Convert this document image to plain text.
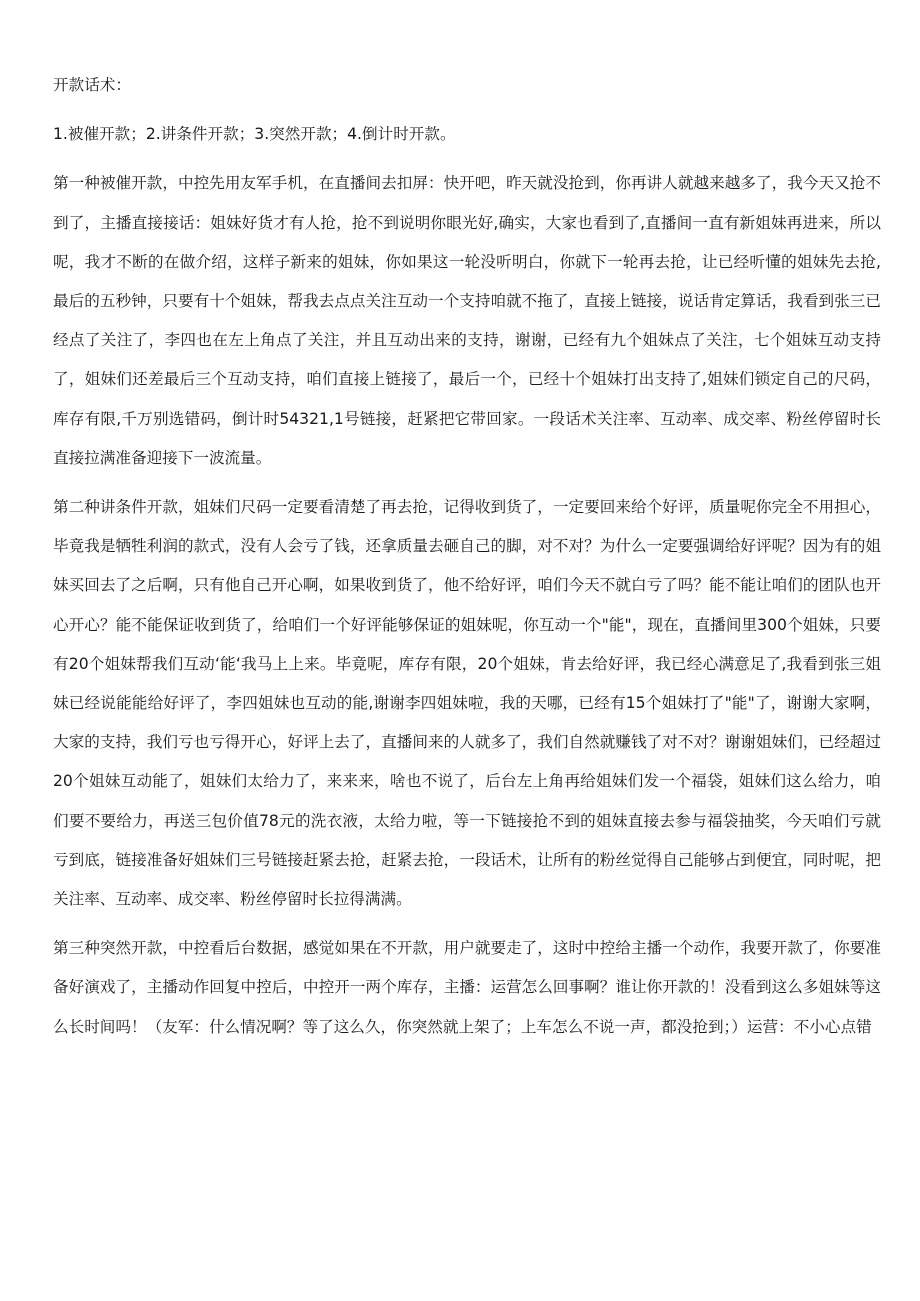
开款话术：

1.被催开款；2.讲条件开款；3.突然开款；4.倒计时开款。

第一种被催开款，中控先用友军手机，在直播间去扣屏：快开吧，昨天就没抢到，你再讲人就越来越多了，我今天又抢不到了，主播直接接话：姐妹好货才有人抢，抢不到说明你眼光好,确实，大家也看到了,直播间一直有新姐妹再进来，所以呢，我才不断的在做介绍，这样子新来的姐妹，你如果这一轮没听明白，你就下一轮再去抢，让已经听懂的姐妹先去抢,最后的五秒钟，只要有十个姐妹，帮我去点点关注互动一个支持咱就不拖了，直接上链接，说话肯定算话，我看到张三已经点了关注了，李四也在左上角点了关注，并且互动出来的支持，谢谢，已经有九个姐妹点了关注，七个姐妹互动支持了，姐妹们还差最后三个互动支持，咱们直接上链接了，最后一个，已经十个姐妹打出支持了,姐妹们锁定自己的尺码，库存有限,千万别选错码，倒计时54321,1号链接，赶紧把它带回家。一段话术关注率、互动率、成交率、粉丝停留时长直接拉满准备迎接下一波流量。

第二种讲条件开款，姐妹们尺码一定要看清楚了再去抢，记得收到货了，一定要回来给个好评，质量呢你完全不用担心，毕竟我是牺牲利润的款式，没有人会亏了钱，还拿质量去砸自己的脚，对不对？为什么一定要强调给好评呢？因为有的姐妹买回去了之后啊，只有他自己开心啊，如果收到货了，他不给好评，咱们今天不就白亏了吗？能不能让咱们的团队也开心开心？能不能保证收到货了，给咱们一个好评能够保证的姐妹呢，你互动一个"能"，现在，直播间里300个姐妹，只要有20个姐妹帮我们互动‘能‘我马上上来。毕竟呢，库存有限，20个姐妹，肯去给好评，我已经心满意足了,我看到张三姐妹已经说能能给好评了，李四姐妹也互动的能,谢谢李四姐妹啦，我的天哪，已经有15个姐妹打了"能"了，谢谢大家啊，大家的支持，我们亏也亏得开心，好评上去了，直播间来的人就多了，我们自然就赚钱了对不对？谢谢姐妹们，已经超过20个姐妹互动能了，姐妹们太给力了，来来来，啥也不说了，后台左上角再给姐妹们发一个福袋，姐妹们这么给力，咱们要不要给力，再送三包价值78元的洗衣液，太给力啦，等一下链接抢不到的姐妹直接去参与福袋抽奖，今天咱们亏就亏到底，链接准备好姐妹们三号链接赶紧去抢，赶紧去抢，一段话术，让所有的粉丝觉得自己能够占到便宜，同时呢，把关注率、互动率、成交率、粉丝停留时长拉得满满。

第三种突然开款，中控看后台数据，感觉如果在不开款，用户就要走了，这时中控给主播一个动作，我要开款了，你要准备好演戏了，主播动作回复中控后，中控开一两个库存，主播：运营怎么回事啊？谁让你开款的！没看到这么多姐妹等这么长时间吗！（友军：什么情况啊？等了这么久，你突然就上架了；上车怎么不说一声，都没抢到；）运营：不小心点错
